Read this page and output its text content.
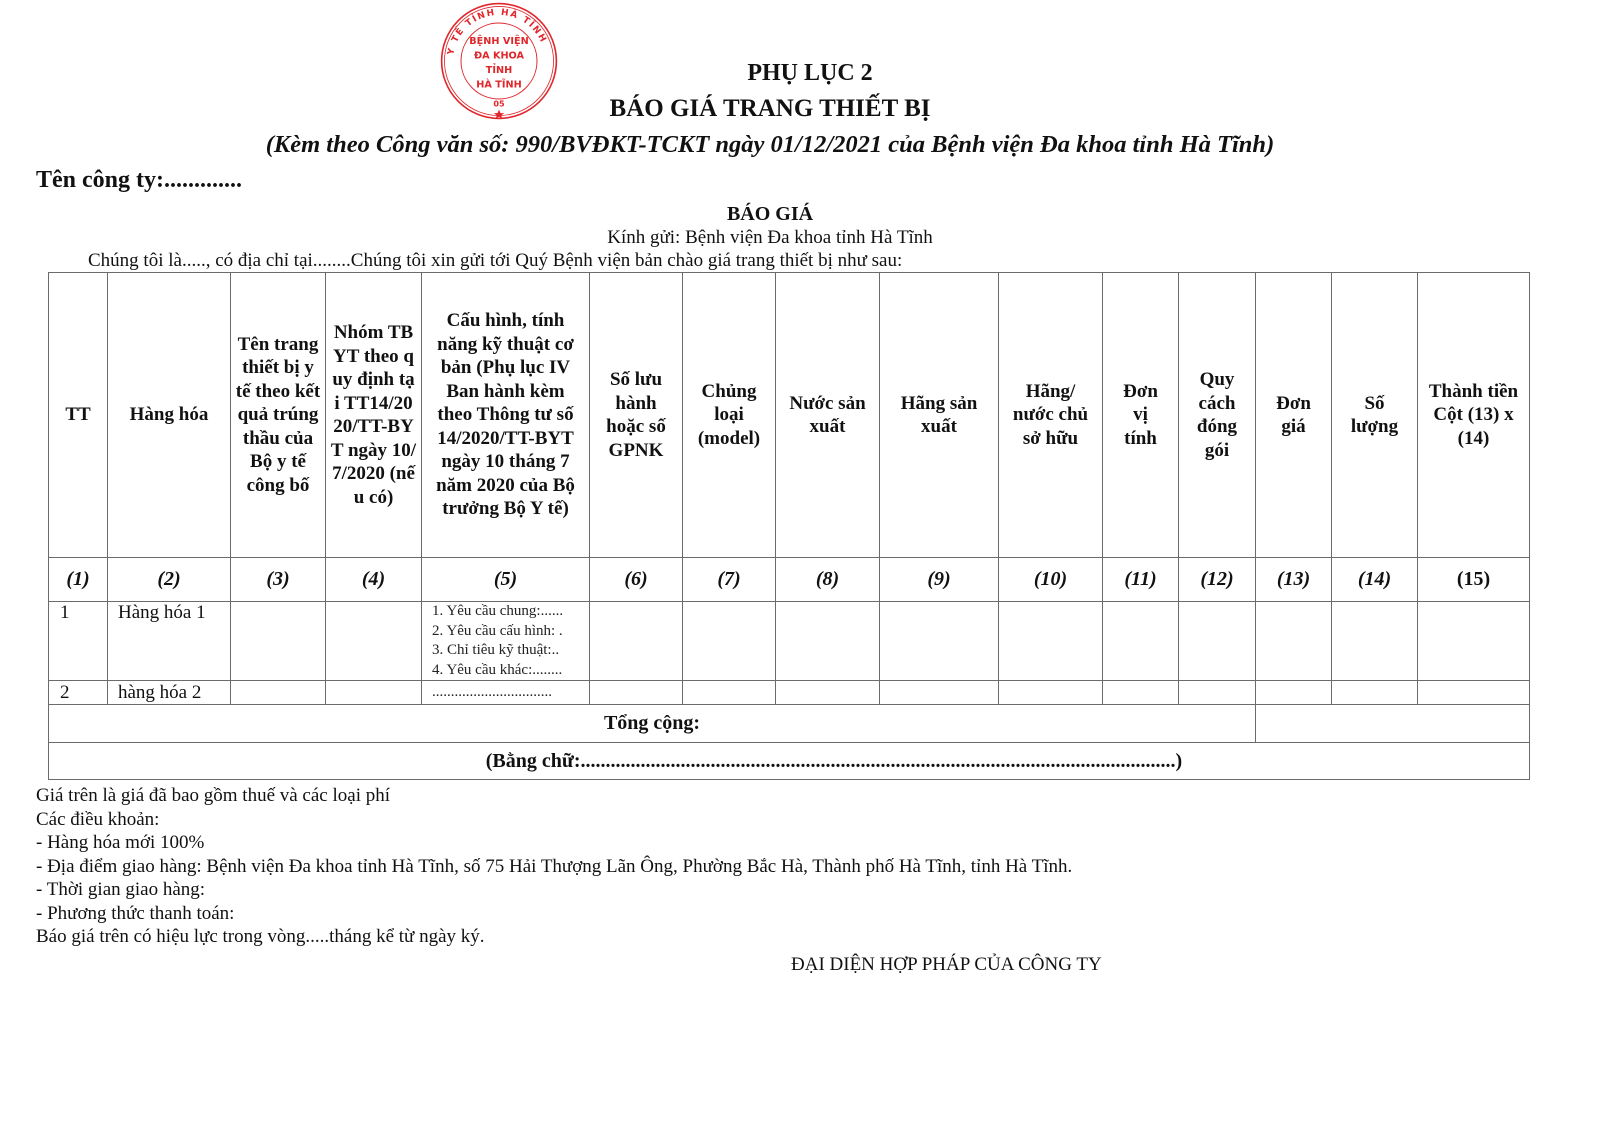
PHỤ LỤC 2
BÁO GIÁ TRANG THIẾT BỊ
(Kèm theo Công văn số: 990/BVĐKT-TCKT ngày 01/12/2021 của Bệnh viện Đa khoa tỉnh Hà Tĩnh)
Y TẾ TỈNH HÀ TĨNH
05
BỆNH VIỆN
ĐA KHOA
TỈNH
HÀ TĨNH
Tên công ty:.............
BÁO GIÁ
Kính gửi: Bệnh viện Đa khoa tỉnh Hà Tĩnh
Chúng tôi là....., có địa chỉ tại........Chúng tôi xin gửi tới Quý Bệnh viện bản chào giá trang thiết bị như sau:
TT	Hàng hóa	Tên trang thiết bị y tế theo kết quả trúng thầu của Bộ y tế công bố	Nhóm TBYT theo quy định tại TT14/2020/TT-BYT ngày 10/7/2020 (nếu có)	Cấu hình, tính năng kỹ thuật cơ bản (Phụ lục IV Ban hành kèm theo Thông tư số 14/2020/TT-BYT ngày 10 tháng 7 năm 2020 của Bộ trưởng Bộ Y tế)	Số lưu hành hoặc số GPNK	Chủng loại (model)	Nước sản xuất	Hãng sản xuất	Hãng/ nước chủ sở hữu	Đơn vị tính	Quy cách đóng gói	Đơn giá	Số lượng	Thành tiền Cột (13) x (14)
(1)	(2)	(3)	(4)	(5)	(6)	(7)	(8)	(9)	(10)	(11)	(12)	(13)	(14)	(15)
1	Hàng hóa 1			1. Yêu cầu chung:......
2. Yêu cầu cấu hình: .
3. Chỉ tiêu kỹ thuật:..
4. Yêu cầu khác:........										

2	hàng hóa 2			................................										

Tổng cộng:														
(Bằng chữ:.......................................................................................................................)														
Giá trên là giá đã bao gồm thuế và các loại phí
Các điều khoản:
- Hàng hóa mới 100%
- Địa điểm giao hàng: Bệnh viện Đa khoa tỉnh Hà Tĩnh, số 75 Hải Thượng Lãn Ông, Phường Bắc Hà, Thành phố Hà Tĩnh, tỉnh Hà Tĩnh.
- Thời gian giao hàng:
- Phương thức thanh toán:
Báo giá trên có hiệu lực trong vòng.....tháng kể từ ngày ký.
ĐẠI DIỆN HỢP PHÁP CỦA CÔNG TY
